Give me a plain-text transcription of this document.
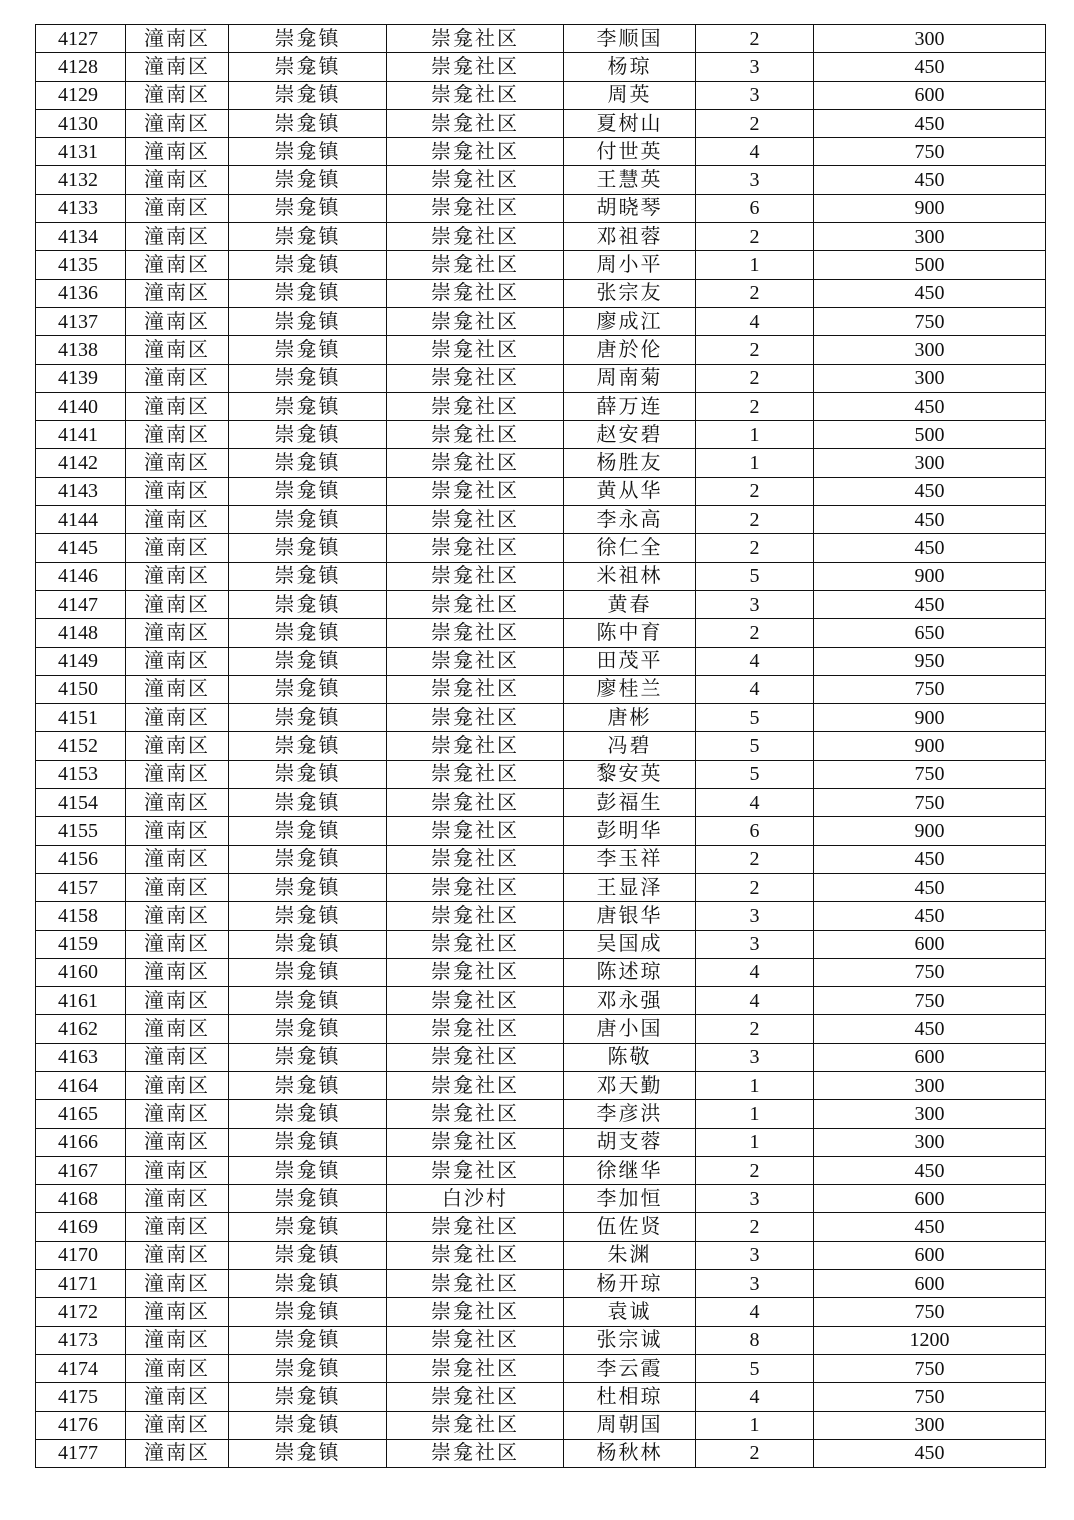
4127	潼南区	崇龛镇	崇龛社区	李顺国	2	300
4128	潼南区	崇龛镇	崇龛社区	杨琼	3	450
4129	潼南区	崇龛镇	崇龛社区	周英	3	600
4130	潼南区	崇龛镇	崇龛社区	夏树山	2	450
4131	潼南区	崇龛镇	崇龛社区	付世英	4	750
4132	潼南区	崇龛镇	崇龛社区	王慧英	3	450
4133	潼南区	崇龛镇	崇龛社区	胡晓琴	6	900
4134	潼南区	崇龛镇	崇龛社区	邓祖蓉	2	300
4135	潼南区	崇龛镇	崇龛社区	周小平	1	500
4136	潼南区	崇龛镇	崇龛社区	张宗友	2	450
4137	潼南区	崇龛镇	崇龛社区	廖成江	4	750
4138	潼南区	崇龛镇	崇龛社区	唐於伦	2	300
4139	潼南区	崇龛镇	崇龛社区	周南菊	2	300
4140	潼南区	崇龛镇	崇龛社区	薛万连	2	450
4141	潼南区	崇龛镇	崇龛社区	赵安碧	1	500
4142	潼南区	崇龛镇	崇龛社区	杨胜友	1	300
4143	潼南区	崇龛镇	崇龛社区	黄从华	2	450
4144	潼南区	崇龛镇	崇龛社区	李永高	2	450
4145	潼南区	崇龛镇	崇龛社区	徐仁全	2	450
4146	潼南区	崇龛镇	崇龛社区	米祖林	5	900
4147	潼南区	崇龛镇	崇龛社区	黄春	3	450
4148	潼南区	崇龛镇	崇龛社区	陈中育	2	650
4149	潼南区	崇龛镇	崇龛社区	田茂平	4	950
4150	潼南区	崇龛镇	崇龛社区	廖桂兰	4	750
4151	潼南区	崇龛镇	崇龛社区	唐彬	5	900
4152	潼南区	崇龛镇	崇龛社区	冯碧	5	900
4153	潼南区	崇龛镇	崇龛社区	黎安英	5	750
4154	潼南区	崇龛镇	崇龛社区	彭福生	4	750
4155	潼南区	崇龛镇	崇龛社区	彭明华	6	900
4156	潼南区	崇龛镇	崇龛社区	李玉祥	2	450
4157	潼南区	崇龛镇	崇龛社区	王显泽	2	450
4158	潼南区	崇龛镇	崇龛社区	唐银华	3	450
4159	潼南区	崇龛镇	崇龛社区	吴国成	3	600
4160	潼南区	崇龛镇	崇龛社区	陈述琼	4	750
4161	潼南区	崇龛镇	崇龛社区	邓永强	4	750
4162	潼南区	崇龛镇	崇龛社区	唐小国	2	450
4163	潼南区	崇龛镇	崇龛社区	陈敬	3	600
4164	潼南区	崇龛镇	崇龛社区	邓天勤	1	300
4165	潼南区	崇龛镇	崇龛社区	李彦洪	1	300
4166	潼南区	崇龛镇	崇龛社区	胡支蓉	1	300
4167	潼南区	崇龛镇	崇龛社区	徐继华	2	450
4168	潼南区	崇龛镇	白沙村	李加恒	3	600
4169	潼南区	崇龛镇	崇龛社区	伍佐贤	2	450
4170	潼南区	崇龛镇	崇龛社区	朱渊	3	600
4171	潼南区	崇龛镇	崇龛社区	杨开琼	3	600
4172	潼南区	崇龛镇	崇龛社区	袁诚	4	750
4173	潼南区	崇龛镇	崇龛社区	张宗诚	8	1200
4174	潼南区	崇龛镇	崇龛社区	李云霞	5	750
4175	潼南区	崇龛镇	崇龛社区	杜相琼	4	750
4176	潼南区	崇龛镇	崇龛社区	周朝国	1	300
4177	潼南区	崇龛镇	崇龛社区	杨秋林	2	450
